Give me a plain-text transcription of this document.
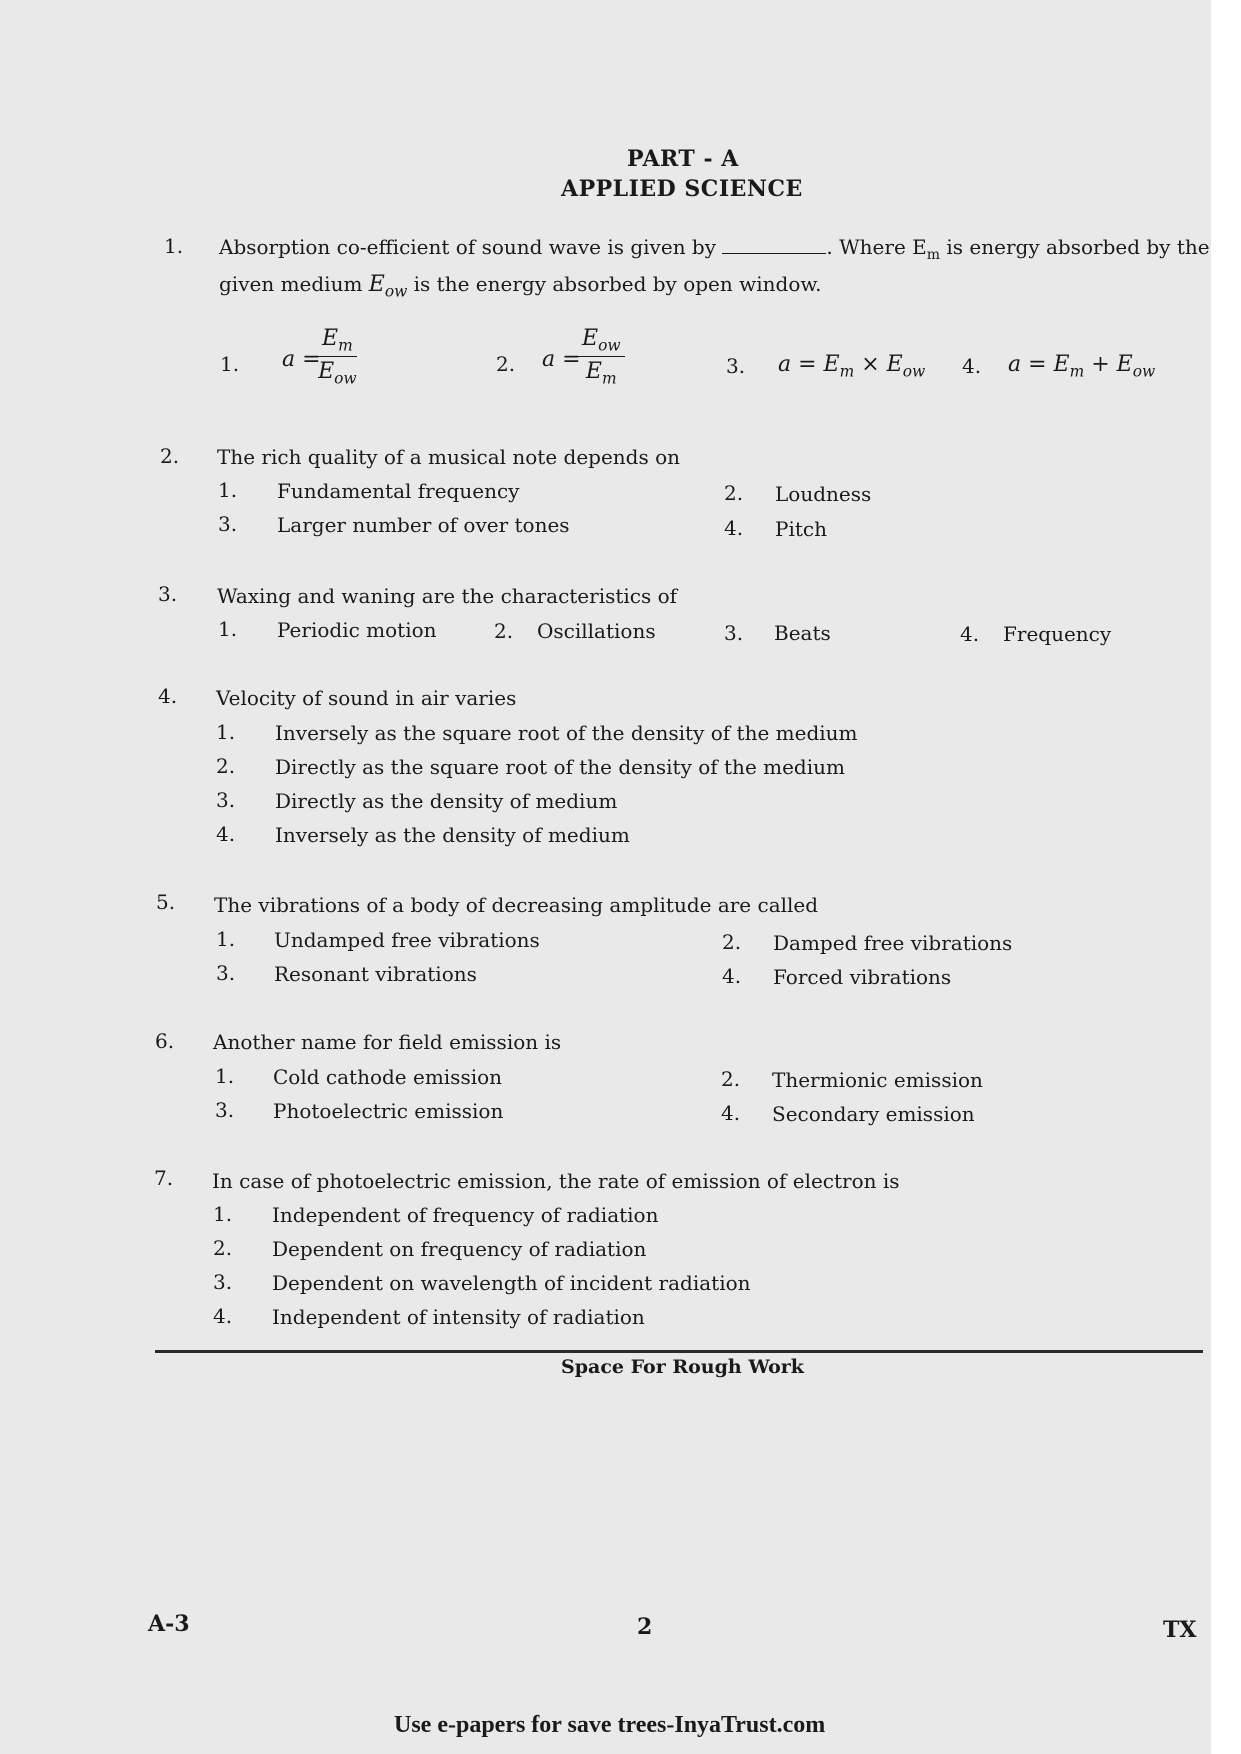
PART - A
APPLIED SCIENCE
1. Absorption co-efficient of sound wave is given by	. Where $E_m$ is energy absorbed by the
given medium $E_{ow}$ is the energy absorbed by open window.
1. a =
$E_m$
$E_{ow}$
2. a =
$E_{ow}$
$E_m$
3. $a = E_m \times E_{ow}$ 4. $a = E_m + E_{ow}$
2. The rich quality of a musical note depends on
1. Fundamental frequency	2. Loudness
3. Larger number of over tones	4. Pitch
3. Waxing and waning are the characteristics of
1. Periodic motion	2. Oscillations	3. Beats	4. Frequency
4. Velocity of sound in air varies
1. Inversely as the square root of the density of the medium
2. Directly as the square root of the density of the medium
3. Directly as the density of medium
4. Inversely as the density of medium
5. The vibrations of a body of decreasing amplitude are called
1. Undamped free vibrations	2. Damped free vibrations
3. Resonant vibrations	4. Forced vibrations
6. Another name for field emission is
1. Cold cathode emission	2. Thermionic emission
3. Photoelectric emission	4. Secondary emission
7. In case of photoelectric emission, the rate of emission of electron is
1. Independent of frequency of radiation
2. Dependent on frequency of radiation
3. Dependent on wavelength of incident radiation
4. Independent of intensity of radiation
Space For Rough Work
A-3	2	TX
Use e-papers for save trees-InyaTrust.com
